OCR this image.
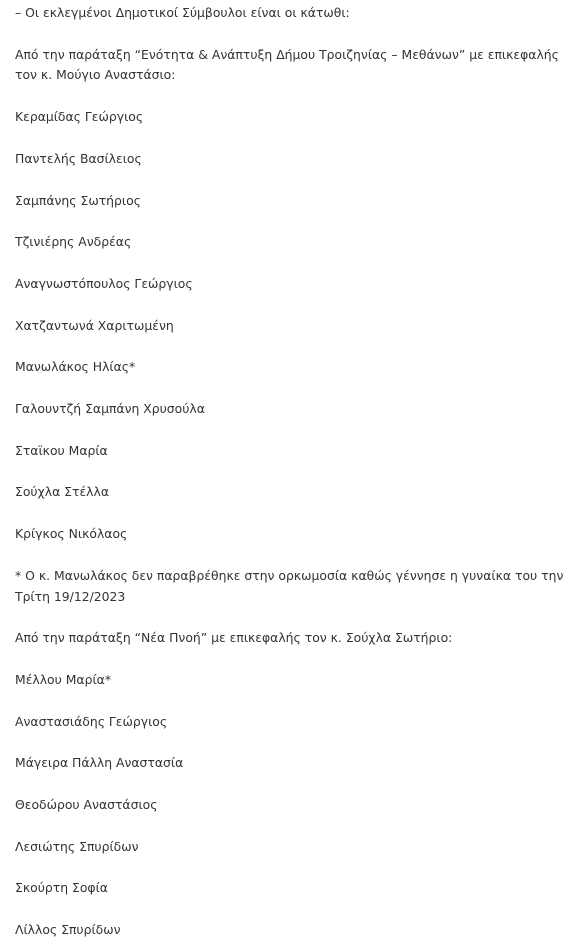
– Οι εκλεγμένοι Δημοτικοί Σύμβουλοι είναι οι κάτωθι:

Από την παράταξη “Ενότητα & Ανάπτυξη Δήμου Τροιζηνίας – Μεθάνων” με επικεφαλής
τον κ. Μούγιο Αναστάσιο:

Κεραμίδας Γεώργιος

Παντελής Βασίλειος

Σαμπάνης Σωτήριος

Τζινιέρης Ανδρέας

Αναγνωστόπουλος Γεώργιος

Χατζαντωνά Χαριτωμένη

Μανωλάκος Ηλίας*

Γαλουντζή Σαμπάνη Χρυσούλα

Σταϊκου Μαρία

Σούχλα Στέλλα

Κρίγκος Νικόλαος

* Ο κ. Μανωλάκος δεν παραβρέθηκε στην ορκωμοσία καθώς γέννησε η γυναίκα του την
Τρίτη 19/12/2023

Από την παράταξη “Νέα Πνοή” με επικεφαλής τον κ. Σούχλα Σωτήριο:

Μέλλου Μαρία*

Αναστασιάδης Γεώργιος

Μάγειρα Πάλλη Αναστασία

Θεοδώρου Αναστάσιος

Λεσιώτης Σπυρίδων

Σκούρτη Σοφία

Λίλλος Σπυρίδων
